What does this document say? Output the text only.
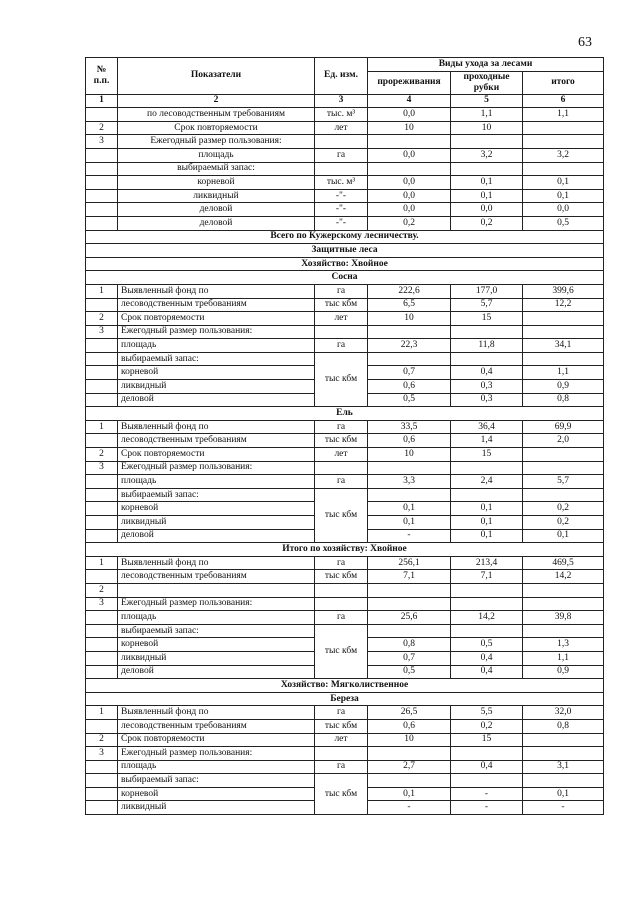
63
№ п.п.	Показатели	Ед. изм.	Виды ухода за лесами		
			прореживания	проходные рубки	итого
1	2	3	4	5	6
	по лесоводственным требованиям	тыс. м³	0,0	1,1	1,1
2	Срок повторяемости	лет	10	10	
3	Ежегодный размер пользования:				
	площадь	га	0,0	3,2	3,2
	выбираемый запас:				
	корневой	тыс. м³	0,0	0,1	0,1
	ликвидный	-"-	0,0	0,1	0,1
	деловой	-"-	0,0	0,0	0,0
	деловой	-"-	0,2	0,2	0,5
Всего по Кужерскому лесничеству.					
Защитные леса					
Хозяйство: Хвойное					
Сосна					
1	Выявленный фонд по	га	222,6	177,0	399,6
	лесоводственным требованиям	тыс кбм	6,5	5,7	12,2
2	Срок повторяемости	лет	10	15	
3	Ежегодный размер пользования:				
	площадь	га	22,3	11,8	34,1
	выбираемый запас:	тыс кбм			
	корневой		0,7	0,4	1,1
	ликвидный		0,6	0,3	0,9
	деловой		0,5	0,3	0,8
Ель					
1	Выявленный фонд по	га	33,5	36,4	69,9
	лесоводственным требованиям	тыс кбм	0,6	1,4	2,0
2	Срок повторяемости	лет	10	15	
3	Ежегодный размер пользования:				
	площадь	га	3,3	2,4	5,7
	выбираемый запас:	тыс кбм			
	корневой		0,1	0,1	0,2
	ликвидный		0,1	0,1	0,2
	деловой		-	0,1	0,1
Итого по хозяйству: Хвойное					
1	Выявленный фонд по	га	256,1	213,4	469,5
	лесоводственным требованиям	тыс кбм	7,1	7,1	14,2
2					
3	Ежегодный размер пользования:				
	площадь	га	25,6	14,2	39,8
	выбираемый запас:	тыс кбм			
	корневой		0,8	0,5	1,3
	ликвидный		0,7	0,4	1,1
	деловой		0,5	0,4	0,9
Хозяйство: Мягколиственное					
Береза					
1	Выявленный фонд по	га	26,5	5,5	32,0
	лесоводственным требованиям	тыс кбм	0,6	0,2	0,8
2	Срок повторяемости	лет	10	15	
3	Ежегодный размер пользования:				
	площадь	га	2,7	0,4	3,1
	выбираемый запас:	тыс кбм			
	корневой		0,1	-	0,1
	ликвидный		-	-	-
